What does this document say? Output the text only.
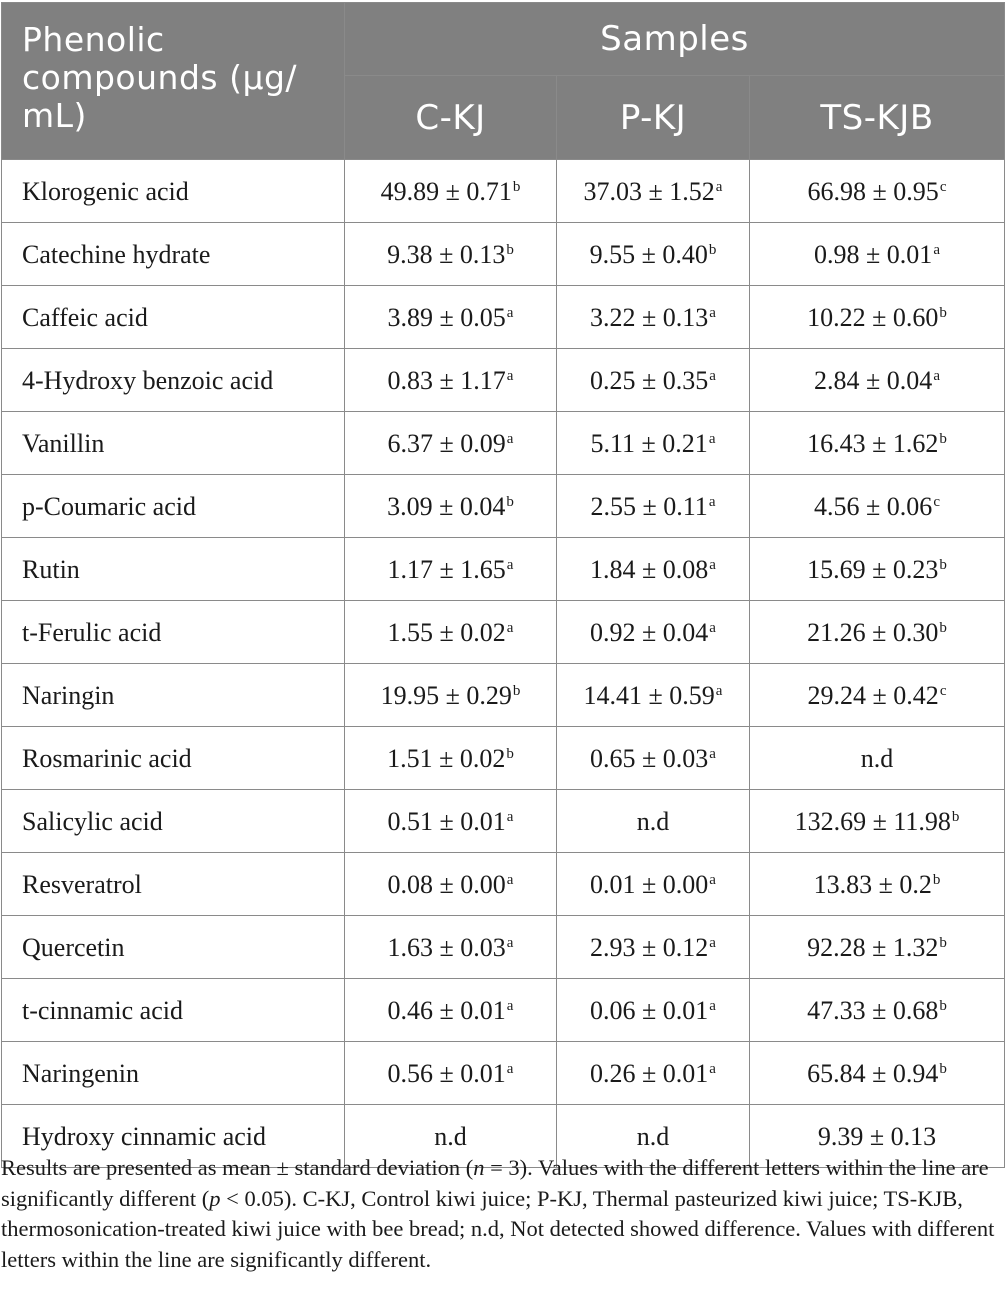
Phenolic compounds (μg/ mL)	Samples		
	C-KJ	P-KJ	TS-KJB
Klorogenic acid	49.89 ± 0.71$^b$	37.03 ± 1.52$^a$	66.98 ± 0.95$^c$
Catechine hydrate	9.38 ± 0.13$^b$	9.55 ± 0.40$^b$	0.98 ± 0.01$^a$
Caffeic acid	3.89 ± 0.05$^a$	3.22 ± 0.13$^a$	10.22 ± 0.60$^b$
4-Hydroxy benzoic acid	0.83 ± 1.17$^a$	0.25 ± 0.35$^a$	2.84 ± 0.04$^a$
Vanillin	6.37 ± 0.09$^a$	5.11 ± 0.21$^a$	16.43 ± 1.62$^b$
p-Coumaric acid	3.09 ± 0.04$^b$	2.55 ± 0.11$^a$	4.56 ± 0.06$^c$
Rutin	1.17 ± 1.65$^a$	1.84 ± 0.08$^a$	15.69 ± 0.23$^b$
t-Ferulic acid	1.55 ± 0.02$^a$	0.92 ± 0.04$^a$	21.26 ± 0.30$^b$
Naringin	19.95 ± 0.29$^b$	14.41 ± 0.59$^a$	29.24 ± 0.42$^c$
Rosmarinic acid	1.51 ± 0.02$^b$	0.65 ± 0.03$^a$	n.d
Salicylic acid	0.51 ± 0.01$^a$	n.d	132.69 ± 11.98$^b$
Resveratrol	0.08 ± 0.00$^a$	0.01 ± 0.00$^a$	13.83 ± 0.2$^b$
Quercetin	1.63 ± 0.03$^a$	2.93 ± 0.12$^a$	92.28 ± 1.32$^b$
t-cinnamic acid	0.46 ± 0.01$^a$	0.06 ± 0.01$^a$	47.33 ± 0.68$^b$
Naringenin	0.56 ± 0.01$^a$	0.26 ± 0.01$^a$	65.84 ± 0.94$^b$
Hydroxy cinnamic acid	n.d	n.d	9.39 ± 0.13

Results are presented as mean ± standard deviation (n = 3). Values with the different letters within the line are significantly different (p < 0.05). C-KJ, Control kiwi juice; P-KJ, Thermal pasteurized kiwi juice; TS-KJB, thermosonication-treated kiwi juice with bee bread; n.d, Not detected showed difference. Values with different letters within the line are significantly different.
